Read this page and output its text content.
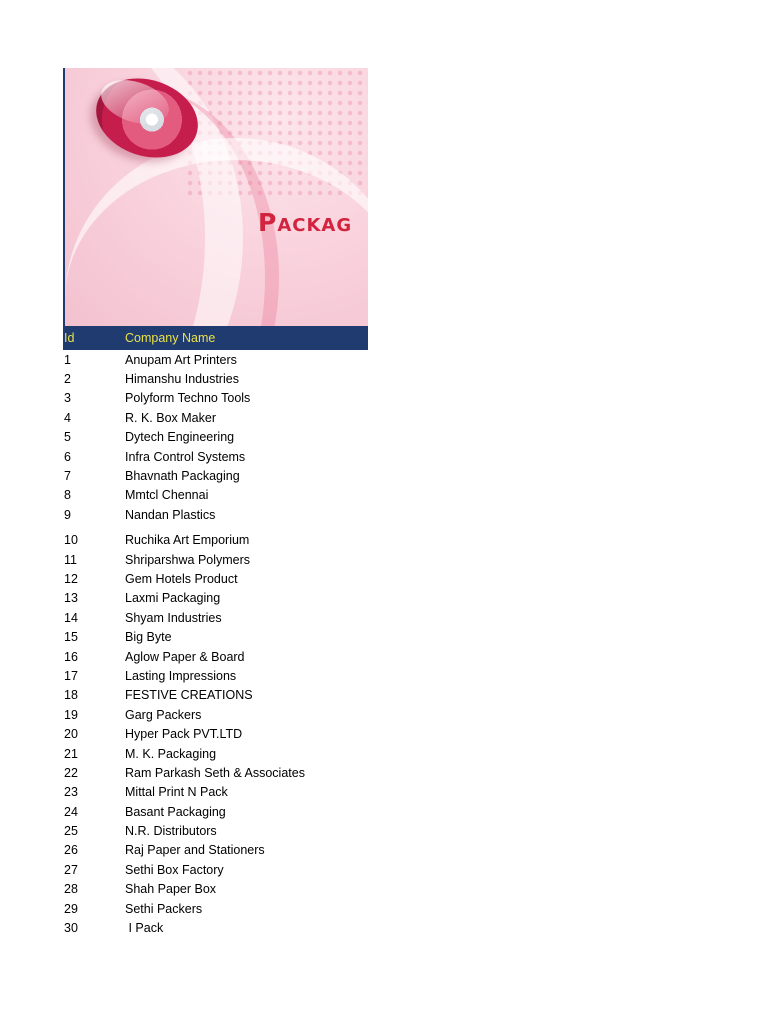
Packag
Id	Company Name
1	Anupam Art Printers
2	Himanshu Industries
3	Polyform Techno Tools
4	R. K. Box Maker
5	Dytech Engineering
6	Infra Control Systems
7	Bhavnath Packaging
8	Mmtcl Chennai
9	Nandan Plastics
10	Ruchika Art Emporium
11	Shriparshwa Polymers
12	Gem Hotels Product
13	Laxmi Packaging
14	Shyam Industries
15	Big Byte
16	Aglow Paper & Board
17	Lasting Impressions
18	FESTIVE CREATIONS
19	Garg Packers
20	Hyper Pack PVT.LTD
21	M. K. Packaging
22	Ram Parkash Seth & Associates
23	Mittal Print N Pack
24	Basant Packaging
25	N.R. Distributors
26	Raj Paper and Stationers
27	Sethi Box Factory
28	Shah Paper Box
29	Sethi Packers
30	I Pack
